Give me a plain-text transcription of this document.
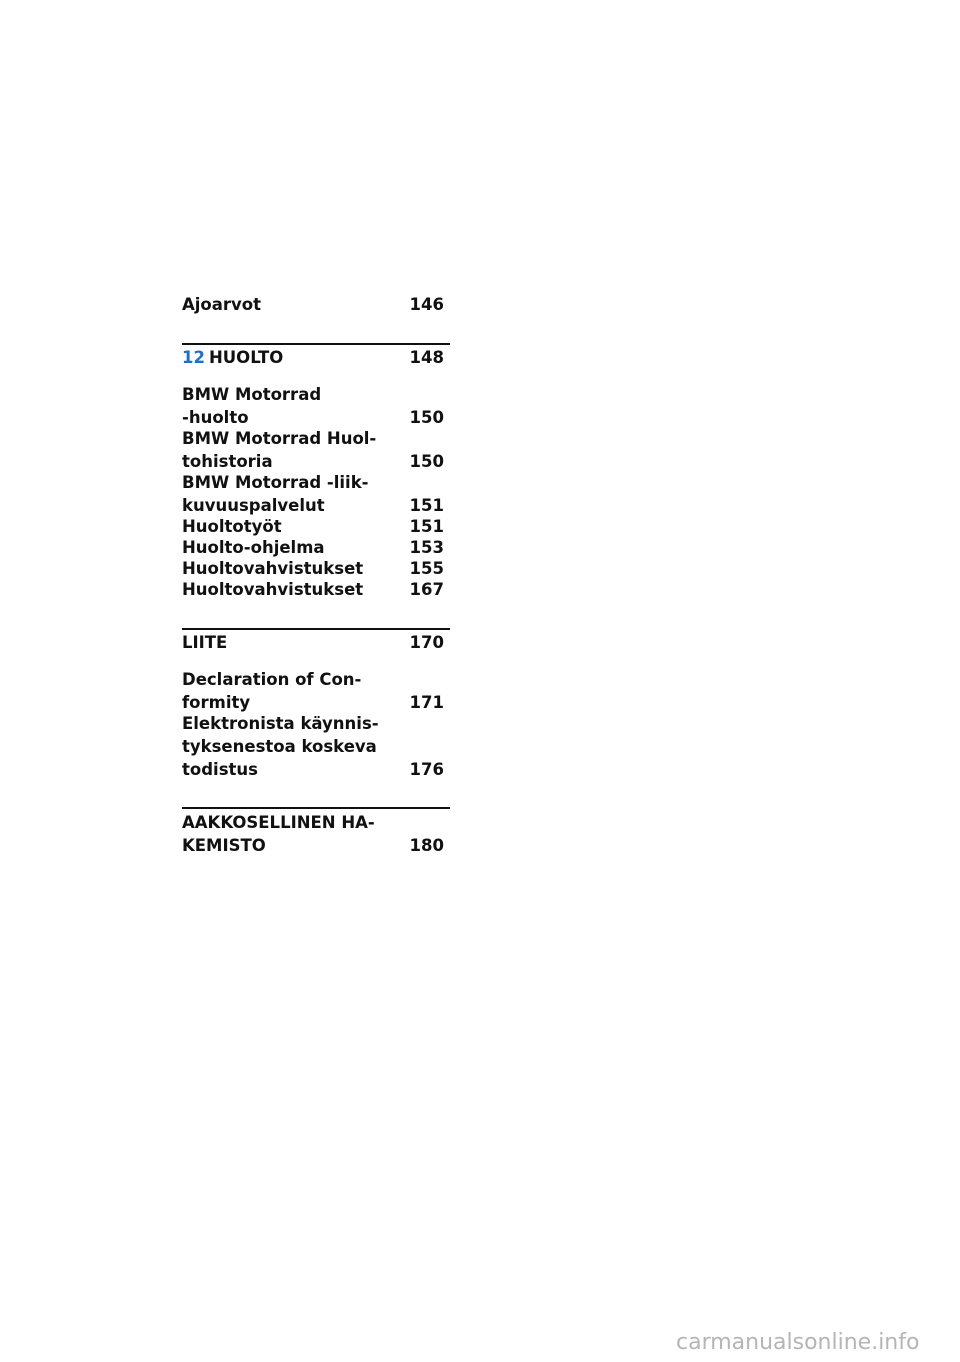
Ajoarvot	146
12 HUOLTO	148
BMW Motorrad
-huolto	150
BMW Motorrad Huol-
tohistoria	150
BMW Motorrad -liik-
kuvuuspalvelut	151
Huoltotyöt	151
Huolto-ohjelma	153
Huoltovahvistukset	155
Huoltovahvistukset	167
LIITE	170
Declaration of Con-
formity	171
Elektronista käynnis-
tyksenestoa koskeva
todistus	176
AAKKOSELLINEN HA-
KEMISTO	180
carmanualsonline.info
